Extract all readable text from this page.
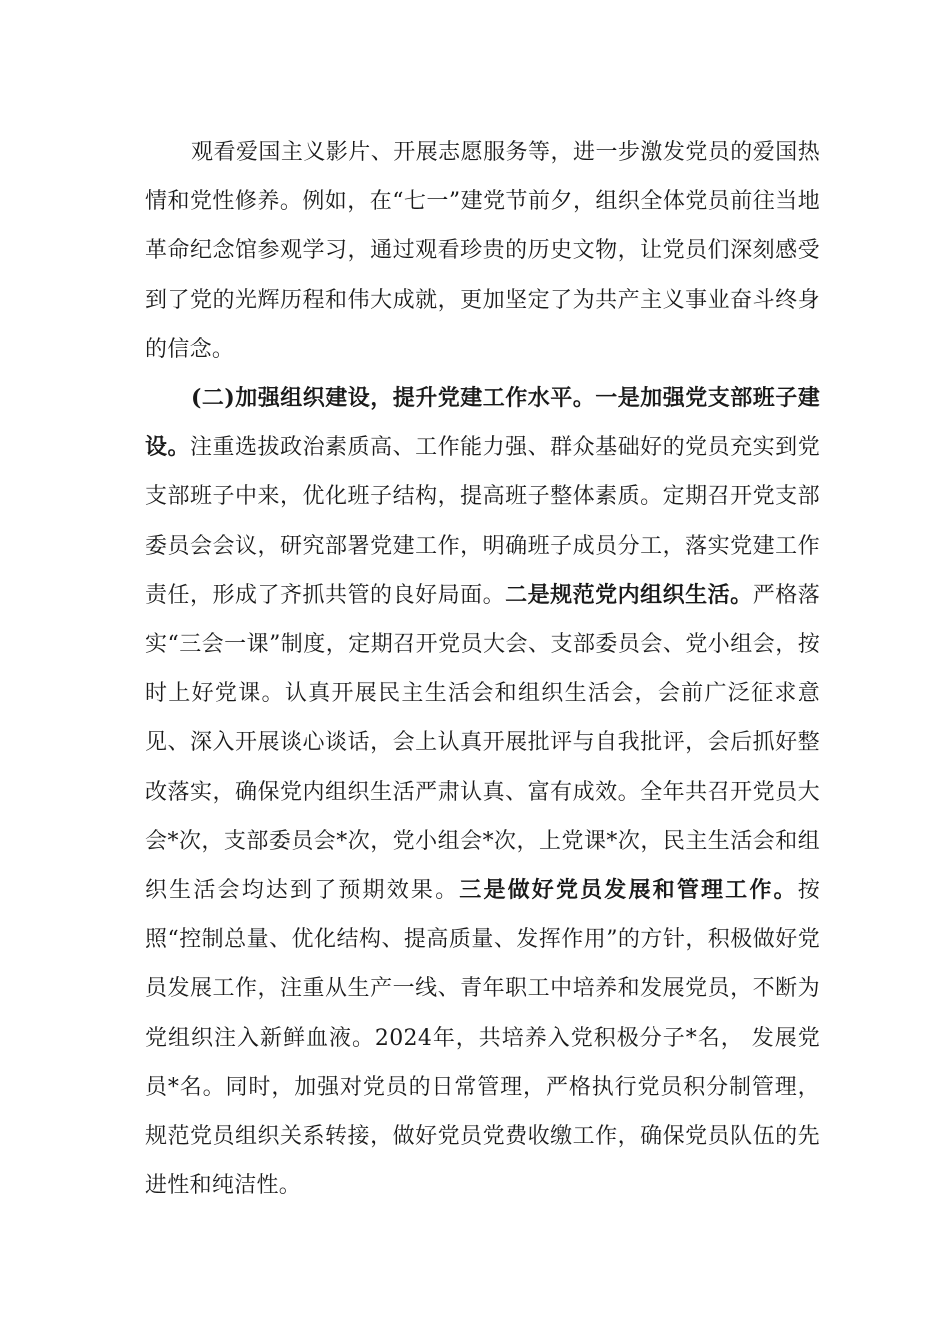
观看爱国主义影片、开展志愿服务等，进一步激发党员的爱国热情和党性修养。例如，在“七一”建党节前夕，组织全体党员前往当地革命纪念馆参观学习，通过观看珍贵的历史文物，让党员们深刻感受到了党的光辉历程和伟大成就，更加坚定了为共产主义事业奋斗终身的信念。

(二)加强组织建设，提升党建工作水平。一是加强党支部班子建设。注重选拔政治素质高、工作能力强、群众基础好的党员充实到党支部班子中来，优化班子结构，提高班子整体素质。定期召开党支部委员会会议，研究部署党建工作，明确班子成员分工，落实党建工作责任，形成了齐抓共管的良好局面。二是规范党内组织生活。严格落实“三会一课”制度，定期召开党员大会、支部委员会、党小组会，按时上好党课。认真开展民主生活会和组织生活会，会前广泛征求意见、深入开展谈心谈话，会上认真开展批评与自我批评，会后抓好整改落实，确保党内组织生活严肃认真、富有成效。全年共召开党员大会*次，支部委员会*次，党小组会*次，上党课*次，民主生活会和组织生活会均达到了预期效果。三是做好党员发展和管理工作。按照“控制总量、优化结构、提高质量、发挥作用”的方针，积极做好党员发展工作，注重从生产一线、青年职工中培养和发展党员，不断为党组织注入新鲜血液。2024年，共培养入党积极分子*名， 发展党员*名。同时，加强对党员的日常管理，严格执行党员积分制管理，规范党员组织关系转接，做好党员党费收缴工作，确保党员队伍的先进性和纯洁性。
